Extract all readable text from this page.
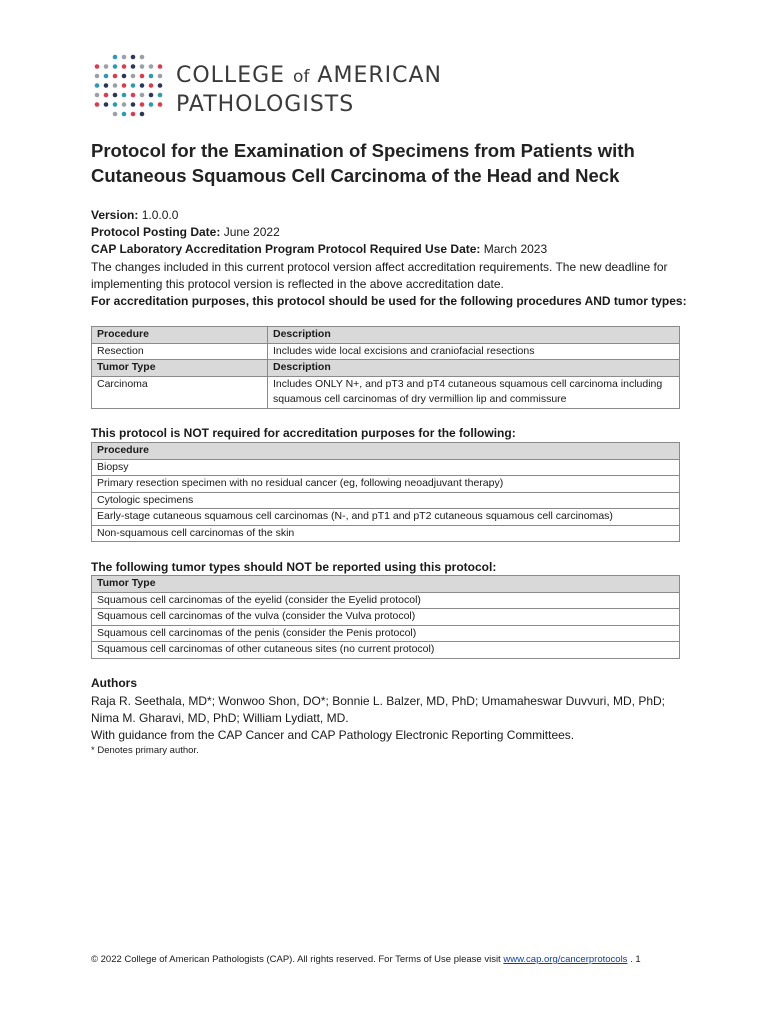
COLLEGE of AMERICAN
PATHOLOGISTS
Protocol for the Examination of Specimens from Patients with Cutaneous Squamous Cell Carcinoma of the Head and Neck

Version: 1.0.0.0

Protocol Posting Date: June 2022

CAP Laboratory Accreditation Program Protocol Required Use Date: March 2023

The changes included in this current protocol version affect accreditation requirements. The new deadline for implementing this protocol version is reflected in the above accreditation date.

For accreditation purposes, this protocol should be used for the following procedures AND tumor types:

Procedure	Description
Resection	Includes wide local excisions and craniofacial resections
Tumor Type	Description
Carcinoma	Includes ONLY N+, and pT3 and pT4 cutaneous squamous cell carcinoma including squamous cell carcinomas of dry vermillion lip and commissure
This protocol is NOT required for accreditation purposes for the following:
Procedure
Biopsy
Primary resection specimen with no residual cancer (eg, following neoadjuvant therapy)
Cytologic specimens
Early-stage cutaneous squamous cell carcinomas (N-, and pT1 and pT2 cutaneous squamous cell carcinomas)
Non-squamous cell carcinomas of the skin
The following tumor types should NOT be reported using this protocol:
Tumor Type
Squamous cell carcinomas of the eyelid (consider the Eyelid protocol)
Squamous cell carcinomas of the vulva (consider the Vulva protocol)
Squamous cell carcinomas of the penis (consider the Penis protocol)
Squamous cell carcinomas of other cutaneous sites (no current protocol)

Authors

Raja R. Seethala, MD*; Wonwoo Shon, DO*; Bonnie L. Balzer, MD, PhD; Umamaheswar Duvvuri, MD, PhD; Nima M. Gharavi, MD, PhD; William Lydiatt, MD.

With guidance from the CAP Cancer and CAP Pathology Electronic Reporting Committees.

* Denotes primary author.

© 2022 College of American Pathologists (CAP). All rights reserved. For Terms of Use please visit www.cap.org/cancerprotocols . 1
